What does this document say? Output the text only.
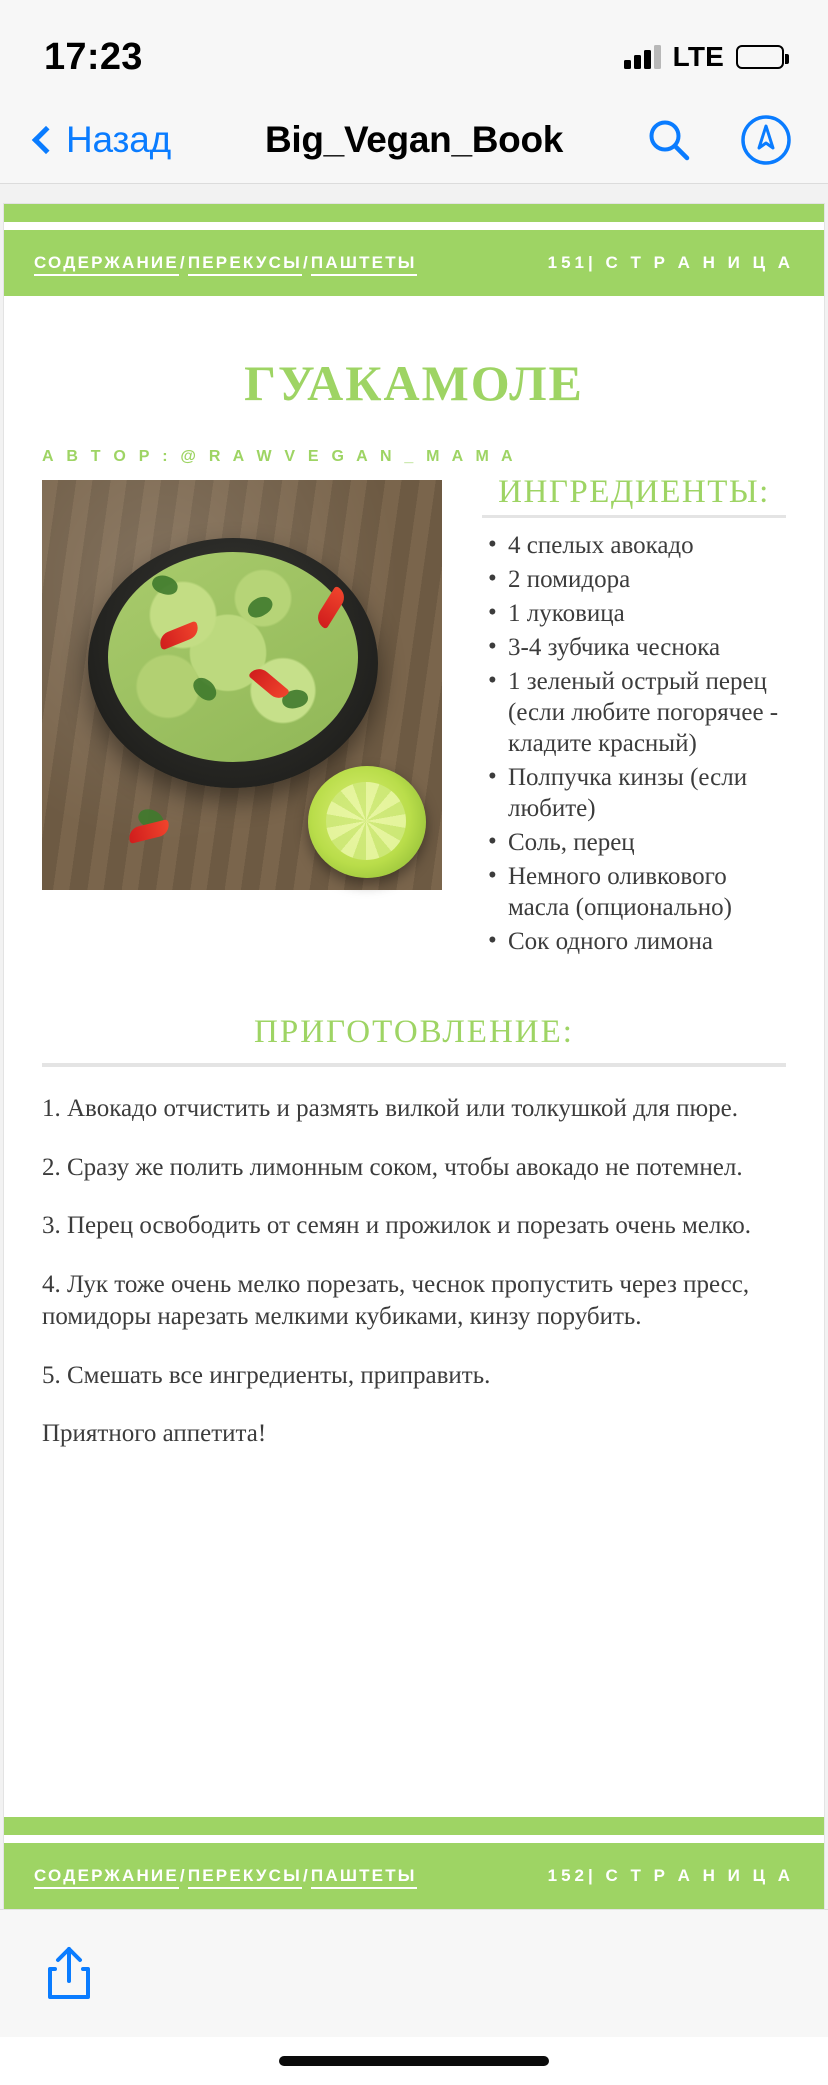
17:23	LTE
Назад	Big_Vegan_Book
СОДЕРЖАНИЕ/ПЕРЕКУСЫ/ПАШТЕТЫ	151| С Т Р А Н И Ц А
ГУАКАМОЛЕ
А В Т О Р : @ R A W V E G A N _ M A M A
ИНГРЕДИЕНТЫ:
• 4 спелых авокадо
• 2 помидора
• 1 луковица
• 3-4 зубчика чеснока
• 1 зеленый острый перец (если любите погорячее - кладите красный)
• Полпучка кинзы (если любите)
• Соль, перец
• Немного оливкового масла (опционально)
• Сок одного лимона
ПРИГОТОВЛЕНИЕ:

1. Авокадо отчистить и размять вилкой или толкушкой для пюре.

2. Сразу же полить лимонным соком, чтобы авокадо не потемнел.

3. Перец освободить от семян и прожилок и порезать очень мелко.

4. Лук тоже очень мелко порезать, чеснок пропустить через пресс, помидоры нарезать мелкими кубиками, кинзу порубить.

5. Смешать все ингредиенты, приправить.

Приятного аппетита!

СОДЕРЖАНИЕ/ПЕРЕКУСЫ/ПАШТЕТЫ	152| С Т Р А Н И Ц А
